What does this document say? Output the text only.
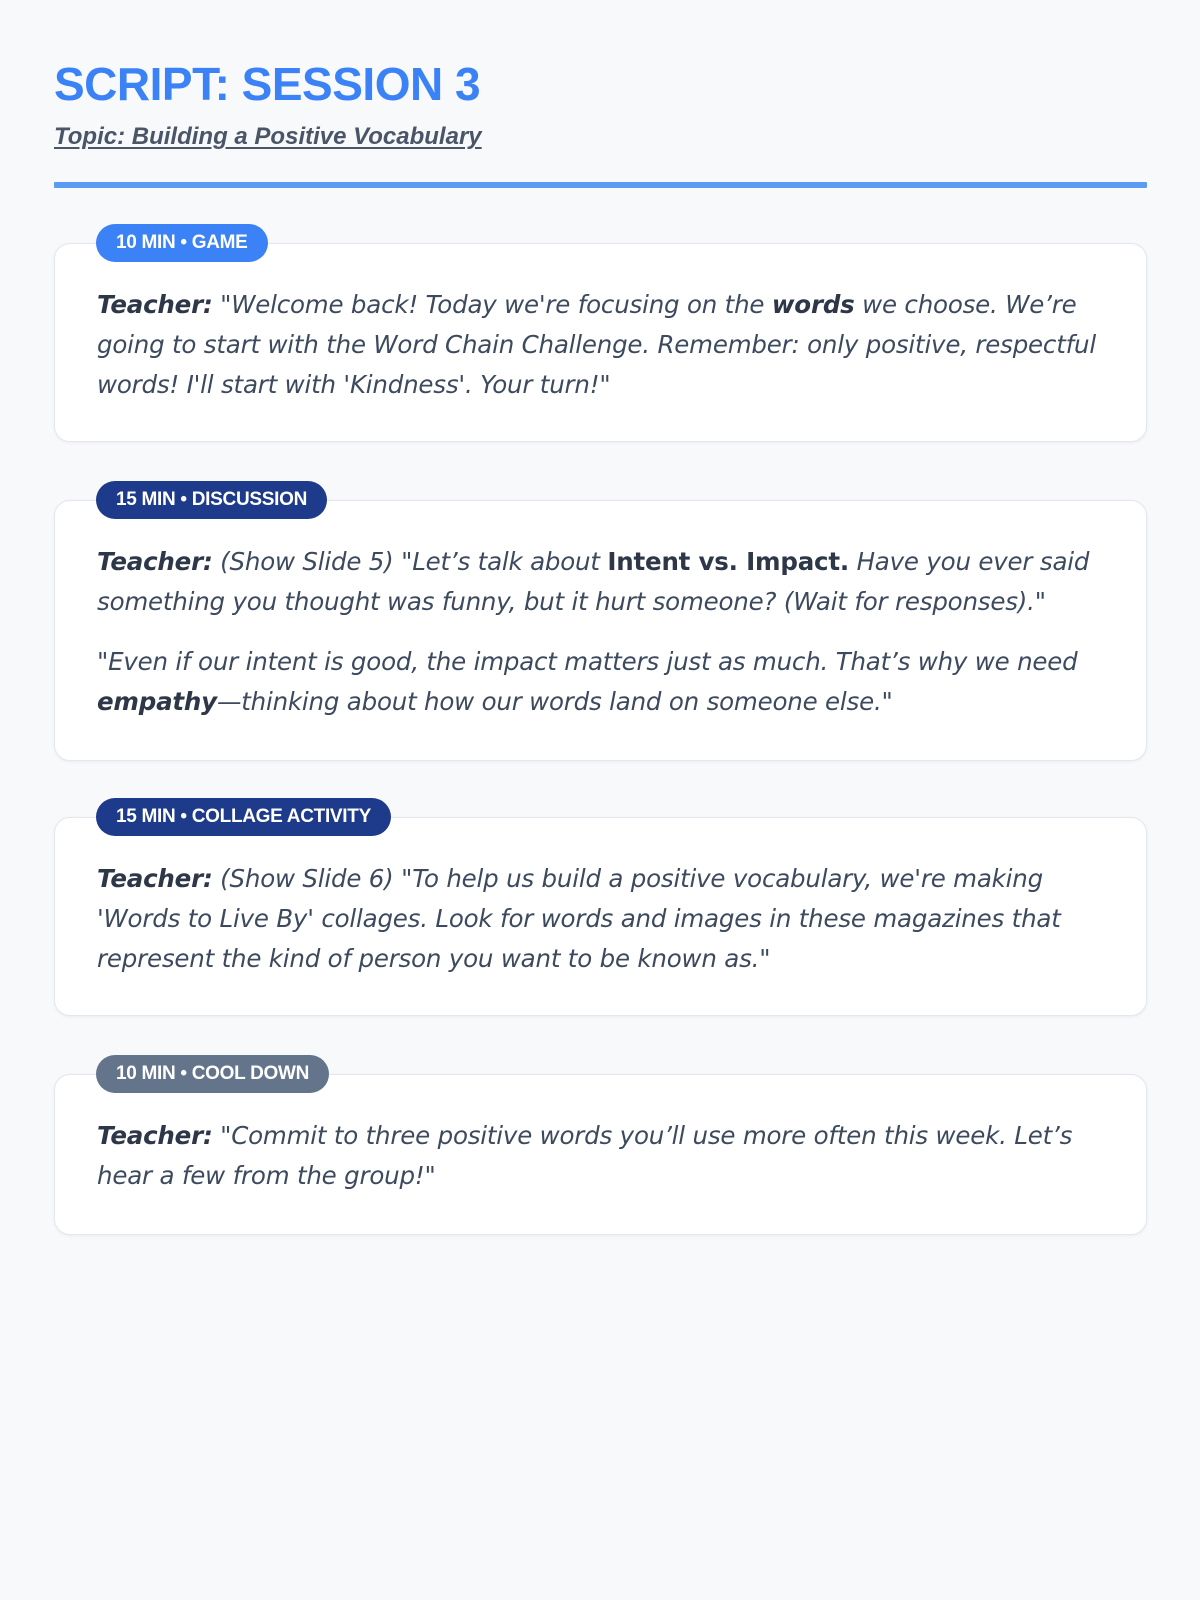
SCRIPT: SESSION 3
Topic: Building a Positive Vocabulary
10 MIN • GAME

Teacher: "Welcome back! Today we're focusing on the words we choose. We’re going to start with the Word Chain Challenge. Remember: only positive, respectful words! I'll start with 'Kindness'. Your turn!"

15 MIN • DISCUSSION

Teacher: (Show Slide 5) "Let’s talk about Intent vs. Impact. Have you ever said something you thought was funny, but it hurt someone? (Wait for responses)."

"Even if our intent is good, the impact matters just as much. That’s why we need empathy—thinking about how our words land on someone else."

15 MIN • COLLAGE ACTIVITY

Teacher: (Show Slide 6) "To help us build a positive vocabulary, we're making 'Words to Live By' collages. Look for words and images in these magazines that represent the kind of person you want to be known as."

10 MIN • COOL DOWN

Teacher: "Commit to three positive words you’ll use more often this week. Let’s hear a few from the group!"
